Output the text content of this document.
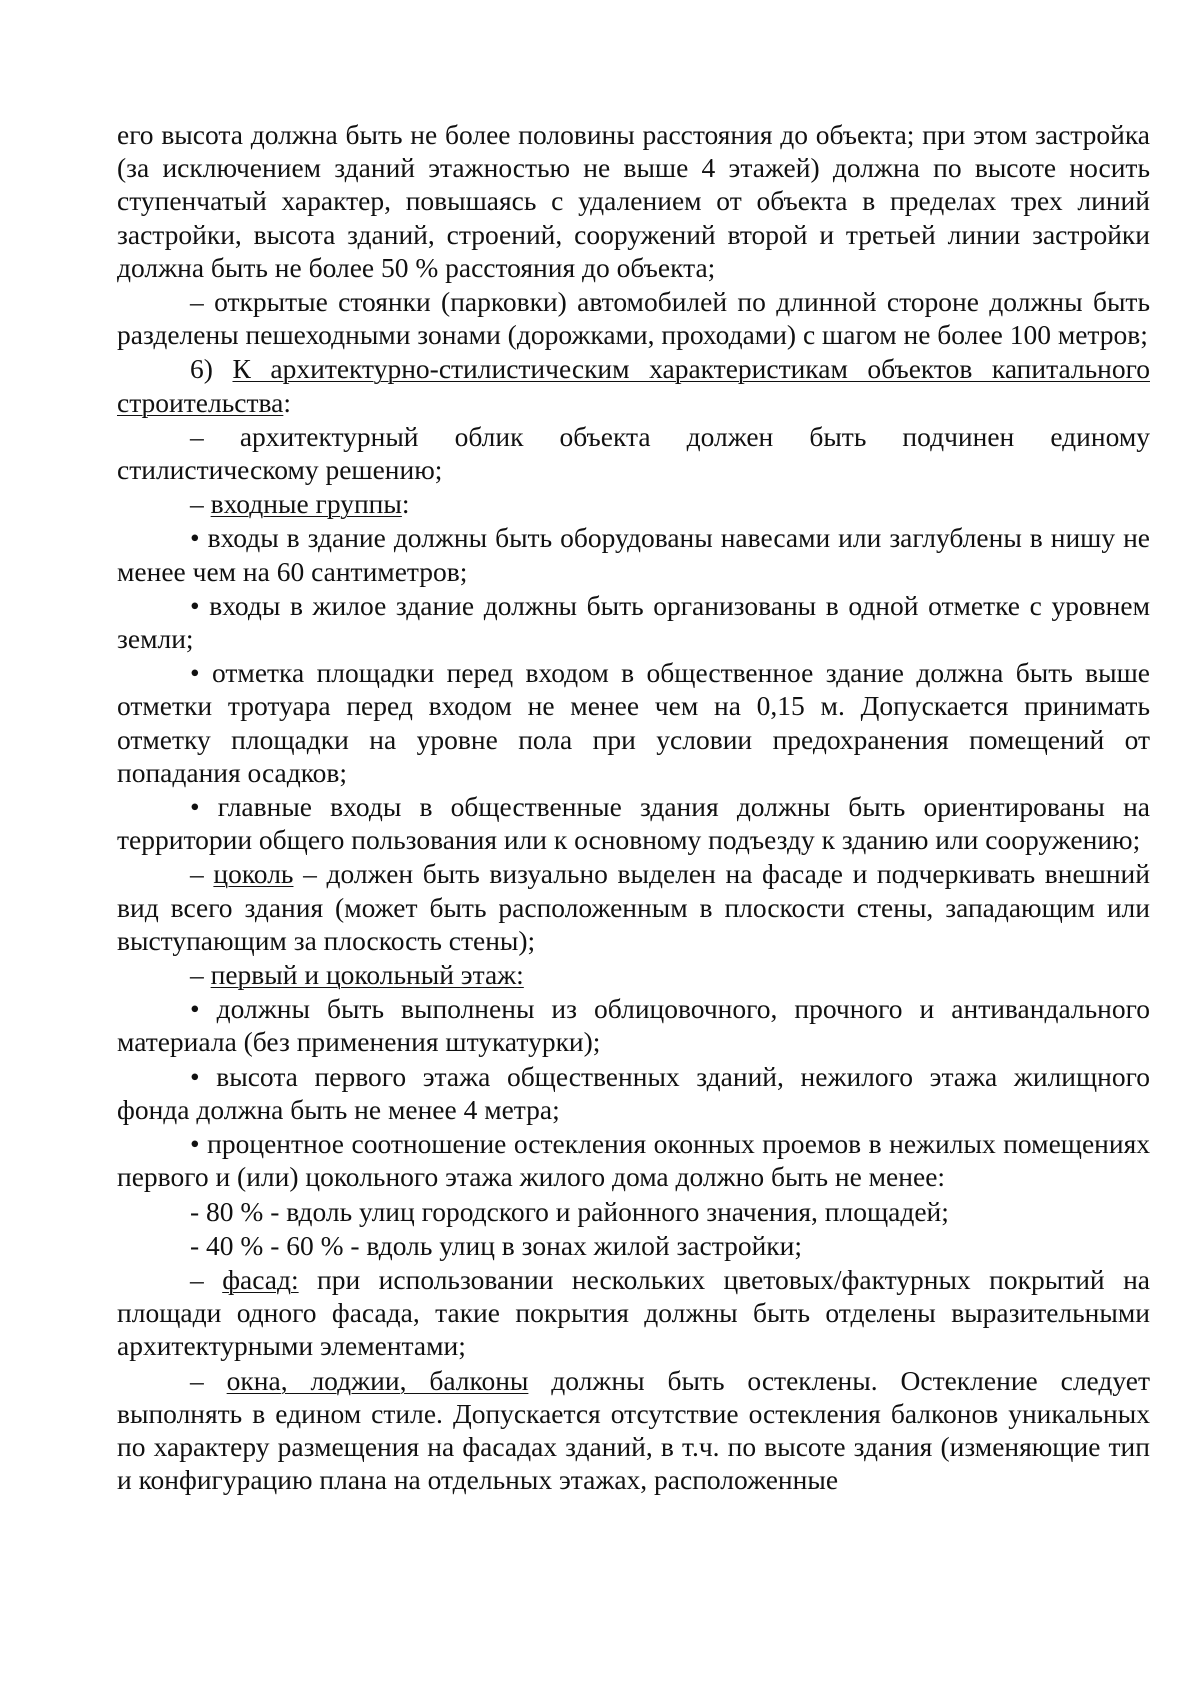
его высота должна быть не более половины расстояния до объекта; при этом застройка (за исключением зданий этажностью не выше 4 этажей) должна по высоте носить ступенчатый характер, повышаясь с удалением от объекта в пределах трех линий застройки, высота зданий, строений, сооружений второй и третьей линии застройки должна быть не более 50 % расстояния до объекта;

– открытые стоянки (парковки) автомобилей по длинной стороне должны быть разделены пешеходными зонами (дорожками, проходами) с шагом не более 100 метров;

6) К архитектурно-стилистическим характеристикам объектов капитального строительства:

– архитектурный облик объекта должен быть подчинен единому стилистическому решению;

– входные группы:

• входы в здание должны быть оборудованы навесами или заглублены в нишу не менее чем на 60 сантиметров;

• входы в жилое здание должны быть организованы в одной отметке с уровнем земли;

• отметка площадки перед входом в общественное здание должна быть выше отметки тротуара перед входом не менее чем на 0,15 м. Допускается принимать отметку площадки на уровне пола при условии предохранения помещений от попадания осадков;

• главные входы в общественные здания должны быть ориентированы на территории общего пользования или к основному подъезду к зданию или сооружению;

– цоколь – должен быть визуально выделен на фасаде и подчеркивать внешний вид всего здания (может быть расположенным в плоскости стены, западающим или выступающим за плоскость стены);

– первый и цокольный этаж:

• должны быть выполнены из облицовочного, прочного и антивандального материала (без применения штукатурки);

• высота первого этажа общественных зданий, нежилого этажа жилищного фонда должна быть не менее 4 метра;

• процентное соотношение остекления оконных проемов в нежилых помещениях первого и (или) цокольного этажа жилого дома должно быть не менее:

- 80 % - вдоль улиц городского и районного значения, площадей;

- 40 % - 60 % - вдоль улиц в зонах жилой застройки;

– фасад: при использовании нескольких цветовых/фактурных покрытий на площади одного фасада, такие покрытия должны быть отделены выразительными архитектурными элементами;

– окна, лоджии, балконы должны быть остеклены. Остекление следует выполнять в едином стиле. Допускается отсутствие остекления балконов уникальных по характеру размещения на фасадах зданий, в т.ч. по высоте здания (изменяющие тип и конфигурацию плана на отдельных этажах, расположенные
